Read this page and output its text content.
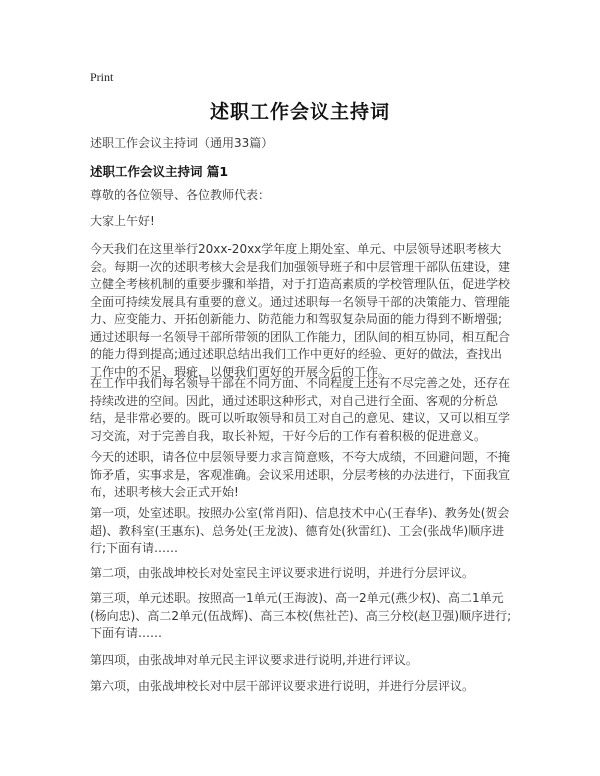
Print
述职工作会议主持词
述职工作会议主持词（通用33篇）
述职工作会议主持词 篇1

尊敬的各位领导、各位教师代表：

大家上午好!

今天我们在这里举行20xx-20xx学年度上期处室、单元、中层领导述职考核大会。每期一次的述职考核大会是我们加强领导班子和中层管理干部队伍建设，建立健全考核机制的重要步骤和举措，对于打造高素质的学校管理队伍，促进学校全面可持续发展具有重要的意义。通过述职每一名领导干部的决策能力、管理能力、应变能力、开拓创新能力、防范能力和驾驭复杂局面的能力得到不断增强;通过述职每一名领导干部所带领的团队工作能力，团队间的相互协同，相互配合的能力得到提高;通过述职总结出我们工作中更好的经验、更好的做法，查找出工作中的不足、瑕疵，以便我们更好的开展今后的工作。

在工作中我们每名领导干部在不同方面、不同程度上还有不尽完善之处，还存在持续改进的空间。因此，通过述职这种形式，对自己进行全面、客观的分析总结，是非常必要的。既可以听取领导和员工对自己的意见、建议，又可以相互学习交流，对于完善自我，取长补短，干好今后的工作有着积极的促进意义。

今天的述职，请各位中层领导要力求言简意赅，不夸大成绩，不回避问题，不掩饰矛盾，实事求是，客观准确。会议采用述职，分层考核的办法进行，下面我宣布，述职考核大会正式开始!

第一项，处室述职。按照办公室(常肖阳)、信息技术中心(王春华)、教务处(贺会超)、教科室(王惠东)、总务处(王龙波)、德育处(狄雷红)、工会(张战华)顺序进行;下面有请……

第二项，由张战坤校长对处室民主评议要求进行说明，并进行分层评议。

第三项，单元述职。按照高一1单元(王海波)、高一2单元(燕少权)、高二1单元(杨向忠)、高二2单元(伍战辉)、高三本校(焦社芒)、高三分校(赵卫强)顺序进行;下面有请……

第四项，由张战坤对单元民主评议要求进行说明,并进行评议。

第六项，由张战坤校长对中层干部评议要求进行说明，并进行分层评议。
